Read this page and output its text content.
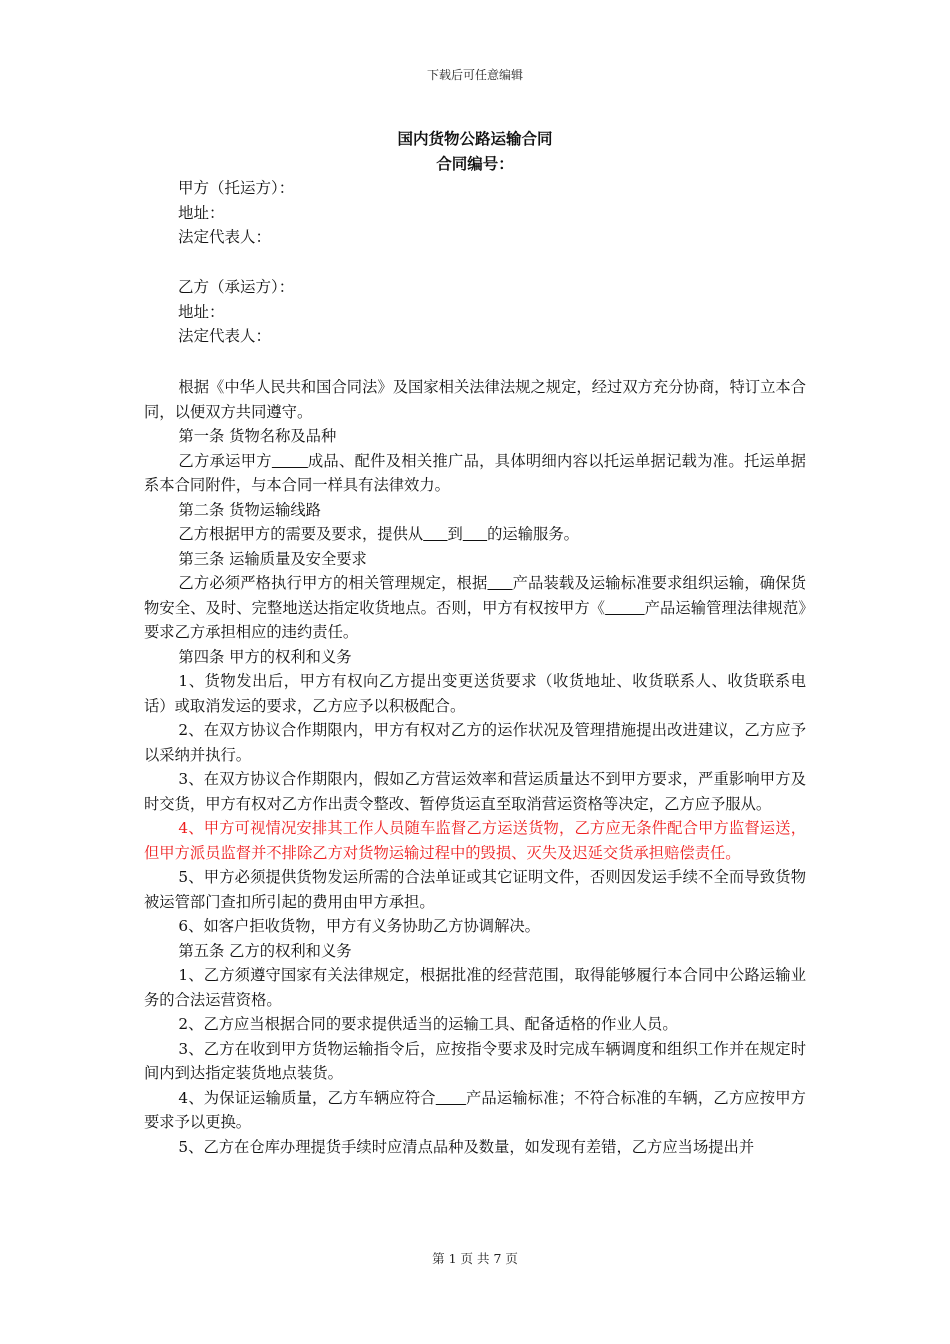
下载后可任意编辑
国内货物公路运输合同
合同编号：
甲方（托运方）：
地址：
法定代表人：
乙方（承运方）：
地址：
法定代表人：

根据《中华人民共和国合同法》及国家相关法律法规之规定，经过双方充分协商，特订立本合同，以便双方共同遵守。

第一条 货物名称及品种

乙方承运甲方 成品、配件及相关推广品，具体明细内容以托运单据记载为准。托运单据系本合同附件，与本合同一样具有法律效力。

第二条 货物运输线路

乙方根据甲方的需要及要求，提供从 到 的运输服务。

第三条 运输质量及安全要求

乙方必须严格执行甲方的相关管理规定，根据 产品装载及运输标准要求组织运输，确保货物安全、及时、完整地送达指定收货地点。否则，甲方有权按甲方《	产品运输管理法律规范》要求乙方承担相应的违约责任。

第四条 甲方的权利和义务

1、货物发出后，甲方有权向乙方提出变更送货要求（收货地址、收货联系人、收货联系电话）或取消发运的要求，乙方应予以积极配合。

2、在双方协议合作期限内，甲方有权对乙方的运作状况及管理措施提出改进建议，乙方应予以采纳并执行。

3、在双方协议合作期限内，假如乙方营运效率和营运质量达不到甲方要求，严重影响甲方及时交货，甲方有权对乙方作出责令整改、暂停货运直至取消营运资格等决定，乙方应予服从。

4、甲方可视情况安排其工作人员随车监督乙方运送货物，乙方应无条件配合甲方监督运送，但甲方派员监督并不排除乙方对货物运输过程中的毁损、灭失及迟延交货承担赔偿责任。

5、甲方必须提供货物发运所需的合法单证或其它证明文件，否则因发运手续不全而导致货物被运管部门查扣所引起的费用由甲方承担。

6、如客户拒收货物，甲方有义务协助乙方协调解决。

第五条 乙方的权利和义务

1、乙方须遵守国家有关法律规定，根据批准的经营范围，取得能够履行本合同中公路运输业务的合法运营资格。

2、乙方应当根据合同的要求提供适当的运输工具、配备适格的作业人员。

3、乙方在收到甲方货物运输指令后，应按指令要求及时完成车辆调度和组织工作并在规定时间内到达指定装货地点装货。

4、为保证运输质量，乙方车辆应符合 产品运输标准；不符合标准的车辆，乙方应按甲方要求予以更换。

5、乙方在仓库办理提货手续时应清点品种及数量，如发现有差错，乙方应当场提出并

第 1 页 共 7 页
